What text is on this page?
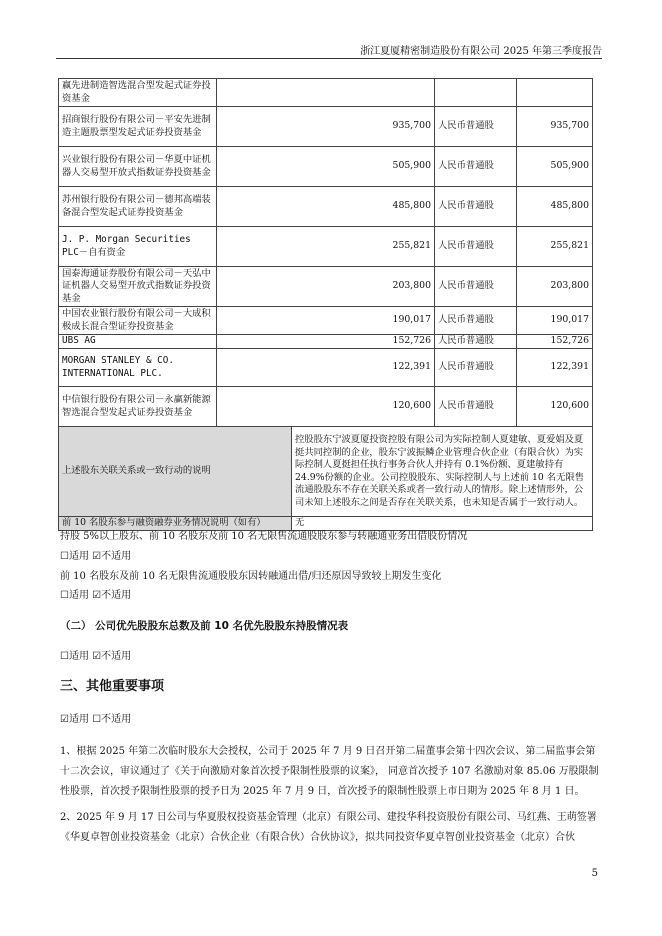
浙江夏厦精密制造股份有限公司 2025 年第三季度报告
赢先进制造智选混合型发起式证券投资基金				
招商银行股份有限公司－平安先进制造主题股票型发起式证券投资基金	935,700		人民币普通股	935,700
兴业银行股份有限公司－华夏中证机器人交易型开放式指数证券投资基金	505,900		人民币普通股	505,900
苏州银行股份有限公司－德邦高端装备混合型发起式证券投资基金	485,800		人民币普通股	485,800
J. P. Morgan Securities PLC－自有资金	255,821		人民币普通股	255,821
国泰海通证券股份有限公司－天弘中证机器人交易型开放式指数证券投资基金	203,800		人民币普通股	203,800
中国农业银行股份有限公司－大成积极成长混合型证券投资基金	190,017		人民币普通股	190,017
UBS AG	152,726		人民币普通股	152,726
MORGAN STANLEY & CO. INTERNATIONAL PLC.	122,391		人民币普通股	122,391
中信银行股份有限公司－永赢新能源智选混合型发起式证券投资基金	120,600		人民币普通股	120,600
上述股东关联关系或一致行动的说明		控股股东宁波夏厦投资控股有限公司为实际控制人夏建敏、夏爱娟及夏挺共同控制的企业，股东宁波振鳞企业管理合伙企业（有限合伙）为实际控制人夏挺担任执行事务合伙人并持有 0.1%份额、夏建敏持有 24.9%份额的企业。公司控股股东、实际控制人与上述前 10 名无限售流通股股东不存在关联关系或者一致行动人的情形。除上述情形外，公司未知上述股东之间是否存在关联关系，也未知是否属于一致行动人。		
前 10 名股东参与融资融券业务情况说明（如有）		无		
持股 5%以上股东、前 10 名股东及前 10 名无限售流通股股东参与转融通业务出借股份情况
☐适用 ☑不适用
前 10 名股东及前 10 名无限售流通股股东因转融通出借/归还原因导致较上期发生变化
☐适用 ☑不适用
（二） 公司优先股股东总数及前 10 名优先股股东持股情况表
☐适用 ☑不适用
三、其他重要事项
☑适用 ☐不适用
1、根据 2025 年第二次临时股东大会授权，公司于 2025 年 7 月 9 日召开第二届董事会第十四次会议、第二届监事会第十二次会议，审议通过了《关于向激励对象首次授予限制性股票的议案》， 同意首次授予 107 名激励对象 85.06 万股限制性股票，首次授予限制性股票的授予日为 2025 年 7 月 9 日，首次授予的限制性股票上市日期为 2025 年 8 月 1 日。
2、2025 年 9 月 17 日公司与华夏股权投资基金管理（北京）有限公司、建投华科投资股份有限公司、马红燕、王萌签署《华夏卓智创业投资基金（北京）合伙企业（有限合伙）合伙协议》，拟共同投资华夏卓智创业投资基金（北京）合伙
5
